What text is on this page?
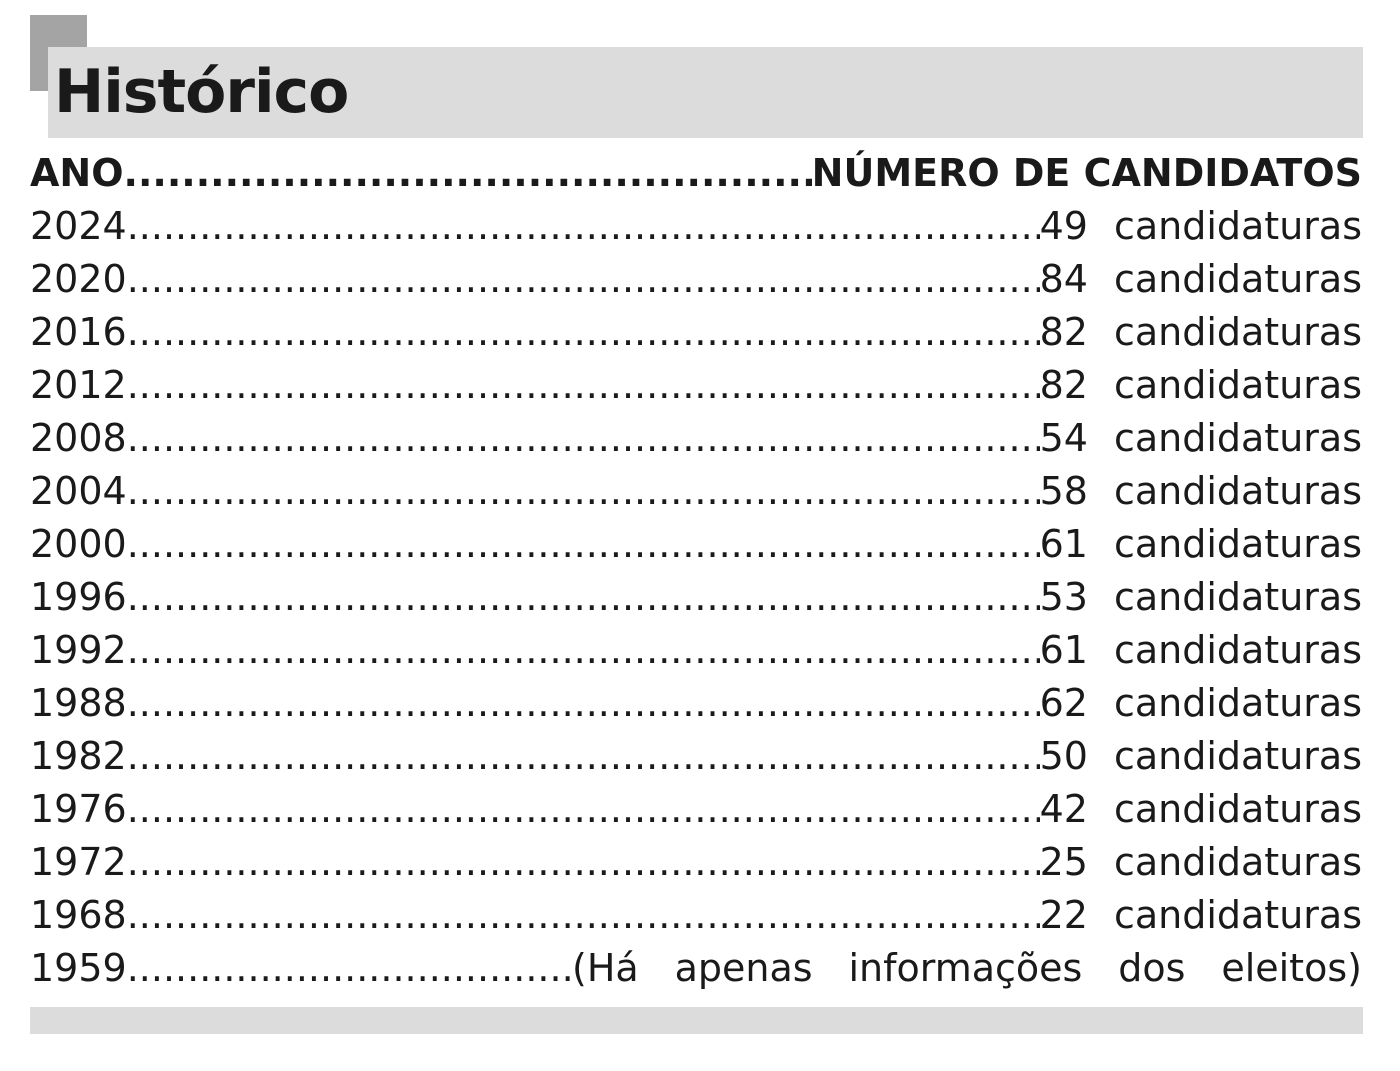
Histórico
ANO .....	NÚMERO DE CANDIDATOS
2024 .....	49 candidaturas
2020 .....	84 candidaturas
2016 .....	82 candidaturas
2012 .....	82 candidaturas
2008 .....	54 candidaturas
2004 .....	58 candidaturas
2000 .....	61 candidaturas
1996 .....	53 candidaturas
1992 .....	61 candidaturas
1988 .....	62 candidaturas
1982 .....	50 candidaturas
1976 .....	42 candidaturas
1972 .....	25 candidaturas
1968 .....	22 candidaturas
1959 .....	(Há apenas informações dos eleitos)
